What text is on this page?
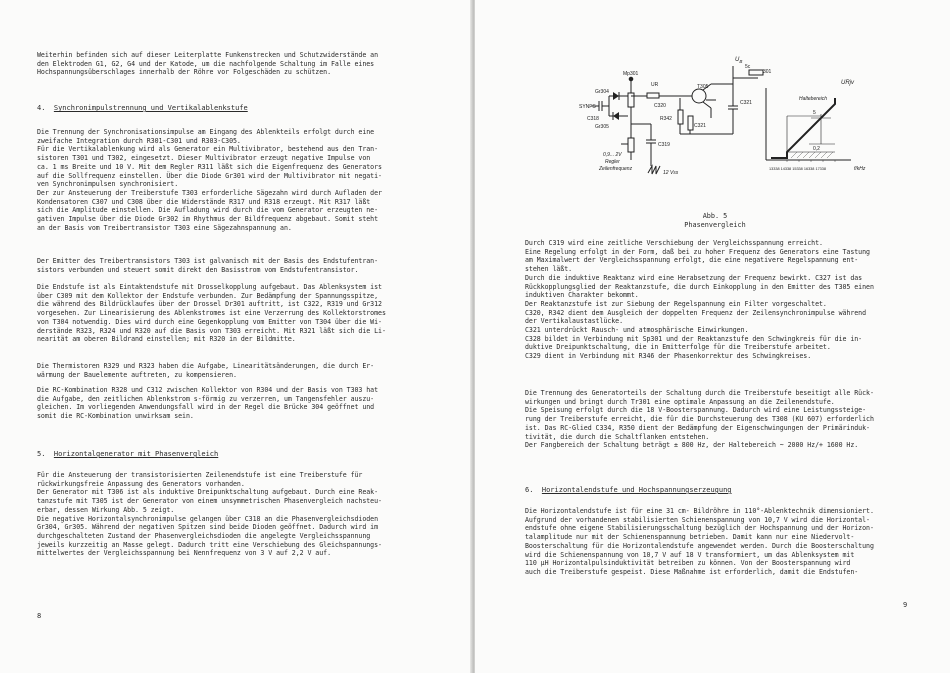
Weiterhin befinden sich auf dieser Leiterplatte Funkenstrecken und Schutzwiderstände an
den Elektroden G1, G2, G4 und der Katode, um die nachfolgende Schaltung im Falle eines
Hochspannungsüberschlages innerhalb der Röhre vor Folgeschäden zu schützen.

4. Synchronimpulstrennung und Vertikalablenkstufe

Die Trennung der Synchronisationsimpulse am Eingang des Ablenkteils erfolgt durch eine
zweifache Integration durch R301-C301 und R303-C305.
Für die Vertikalablenkung wird als Generator ein Multivibrator, bestehend aus den Tran-
sistoren T301 und T302, eingesetzt. Dieser Multivibrator erzeugt negative Impulse von
ca. 1 ms Breite und 10 V. Mit dem Regler R311 läßt sich die Eigenfrequenz des Generators
auf die Sollfrequenz einstellen. Über die Diode Gr301 wird der Multivibrator mit negati-
ven Synchronimpulsen synchronisiert.
Der zur Ansteuerung der Treiberstufe T303 erforderliche Sägezahn wird durch Aufladen der
Kondensatoren C307 und C308 über die Widerstände R317 und R318 erzeugt. Mit R317 läßt
sich die Amplitude einstellen. Die Aufladung wird durch die vom Generator erzeugten ne-
gativen Impulse über die Diode Gr302 im Rhythmus der Bildfrequenz abgebaut. Somit steht
an der Basis vom Treibertransistor T303 eine Sägezahnspannung an.

Der Emitter des Treibertransistors T303 ist galvanisch mit der Basis des Endstufentran-
sistors verbunden und steuert somit direkt den Basisstrom vom Endstufentransistor.

Die Endstufe ist als Eintaktendstufe mit Drosselkopplung aufgebaut. Das Ablenksystem ist
über C309 mit dem Kollektor der Endstufe verbunden. Zur Bedämpfung der Spannungsspitze,
die während des Bildrücklaufes über der Drossel Dr301 auftritt, ist C322, R319 und Gr312
vorgesehen. Zur Linearisierung des Ablenkstromes ist eine Verzerrung des Kollektorstromes
von T304 notwendig. Dies wird durch eine Gegenkopplung vom Emitter von T304 über die Wi-
derstände R323, R324 und R320 auf die Basis von T303 erreicht. Mit R321 läßt sich die Li-
nearität am oberen Bildrand einstellen; mit R320 in der Bildmitte.

Die Thermistoren R329 und R323 haben die Aufgabe, Linearitätsänderungen, die durch Er-
wärmung der Bauelemente auftreten, zu kompensieren.

Die RC-Kombination R328 und C312 zwischen Kollektor von R304 und der Basis von T303 hat
die Aufgabe, den zeitlichen Ablenkstrom s-förmig zu verzerren, um Tangensfehler auszu-
gleichen. Im vorliegenden Anwendungsfall wird in der Regel die Brücke 304 geöffnet und
somit die RC-Kombination unwirksam sein.

5. Horizontalgenerator mit Phasenvergleich

Für die Ansteuerung der transistorisierten Zeilenendstufe ist eine Treiberstufe für
rückwirkungsfreie Anpassung des Generators vorhanden.
Der Generator mit T306 ist als induktive Dreipunktschaltung aufgebaut. Durch eine Reak-
tanzstufe mit T305 ist der Generator von einem unsymmetrischen Phasenvergleich nachsteu-
erbar, dessen Wirkung Abb. 5 zeigt.
Die negative Horizontalsynchronimpulse gelangen über C318 an die Phasenvergleichsdioden
Gr304, Gr305. Während der negativen Spitzen sind beide Dioden geöffnet. Dadurch wird im
durchgeschalteten Zustand der Phasenvergleichsdioden die angelegte Vergleichsspannung
jeweils kurzzeitig an Masse gelegt. Dadurch tritt eine Verschiebung des Gleichspannungs-
mittelwertes der Vergleichsspannung bei Nennfrequenz von 3 V auf 2,2 V auf.

8
$U_B$
301
5c
Mp301
UR	T305
C320	C321
R342
C321
Gr304
Gr305
SYNFS
C318
C319
0,9... 2V
Regler
Zeilenfrequenz
12 Vss
URjv
Haltebereich
5
0,2
13338 14338 15338 16338 17338	f/kHz

Abb. 5
Phasenvergleich

Durch C319 wird eine zeitliche Verschiebung der Vergleichsspannung erreicht.
Eine Regelung erfolgt in der Form, daß bei zu hoher Frequenz des Generators eine Tastung
am Maximalwert der Vergleichsspannung erfolgt, die eine negativere Regelspannung ent-
stehen läßt.
Durch die induktive Reaktanz wird eine Herabsetzung der Frequenz bewirkt. C327 ist das
Rückkopplungsglied der Reaktanzstufe, die durch Einkopplung in den Emitter des T305 einen
induktiven Charakter bekommt.
Der Reaktanzstufe ist zur Siebung der Regelspannung ein Filter vorgeschaltet.
C320, R342 dient dem Ausgleich der doppelten Frequenz der Zeilensynchronimpulse während
der Vertikalaustastlücke.
C321 unterdrückt Rausch- und atmosphärische Einwirkungen.
C328 bildet in Verbindung mit Sp301 und der Reaktanzstufe den Schwingkreis für die in-
duktive Dreipunktschaltung, die in Emitterfolge für die Treiberstufe arbeitet.
C329 dient in Verbindung mit R346 der Phasenkorrektur des Schwingkreises.

Die Trennung des Generatorteils der Schaltung durch die Treiberstufe beseitigt alle Rück-
wirkungen und bringt durch Tr301 eine optimale Anpassung an die Zeilenendstufe.
Die Speisung erfolgt durch die 18 V-Boosterspannung. Dadurch wird eine Leistungssteige-
rung der Treiberstufe erreicht, die für die Durchsteuerung des T308 (KU 607) erforderlich
ist. Das RC-Glied C334, R350 dient der Bedämpfung der Eigenschwingungen der Primärinduk-
tivität, die durch die Schaltflanken entstehen.
Der Fangbereich der Schaltung beträgt ± 800 Hz, der Haltebereich ~ 2000 Hz/+ 1600 Hz.

6. Horizontalendstufe und Hochspannungserzeugung

Die Horizontalendstufe ist für eine 31 cm- Bildröhre in 110°-Ablenktechnik dimensioniert.
Aufgrund der vorhandenen stabilisierten Schienenspannung von 10,7 V wird die Horizontal-
endstufe ohne eigene Stabilisierungsschaltung bezüglich der Hochspannung und der Horizon-
talamplitude nur mit der Schienenspannung betrieben. Damit kann nur eine Niedervolt-
Boosterschaltung für die Horizontalendstufe angewendet werden. Durch die Boosterschaltung
wird die Schienenspannung von 10,7 V auf 18 V transformiert, um das Ablenksystem mit
110 µH Horizontalpulsinduktivität betreiben zu können. Von der Boosterspannung wird
auch die Treiberstufe gespeist. Diese Maßnahme ist erforderlich, damit die Endstufen-

9
